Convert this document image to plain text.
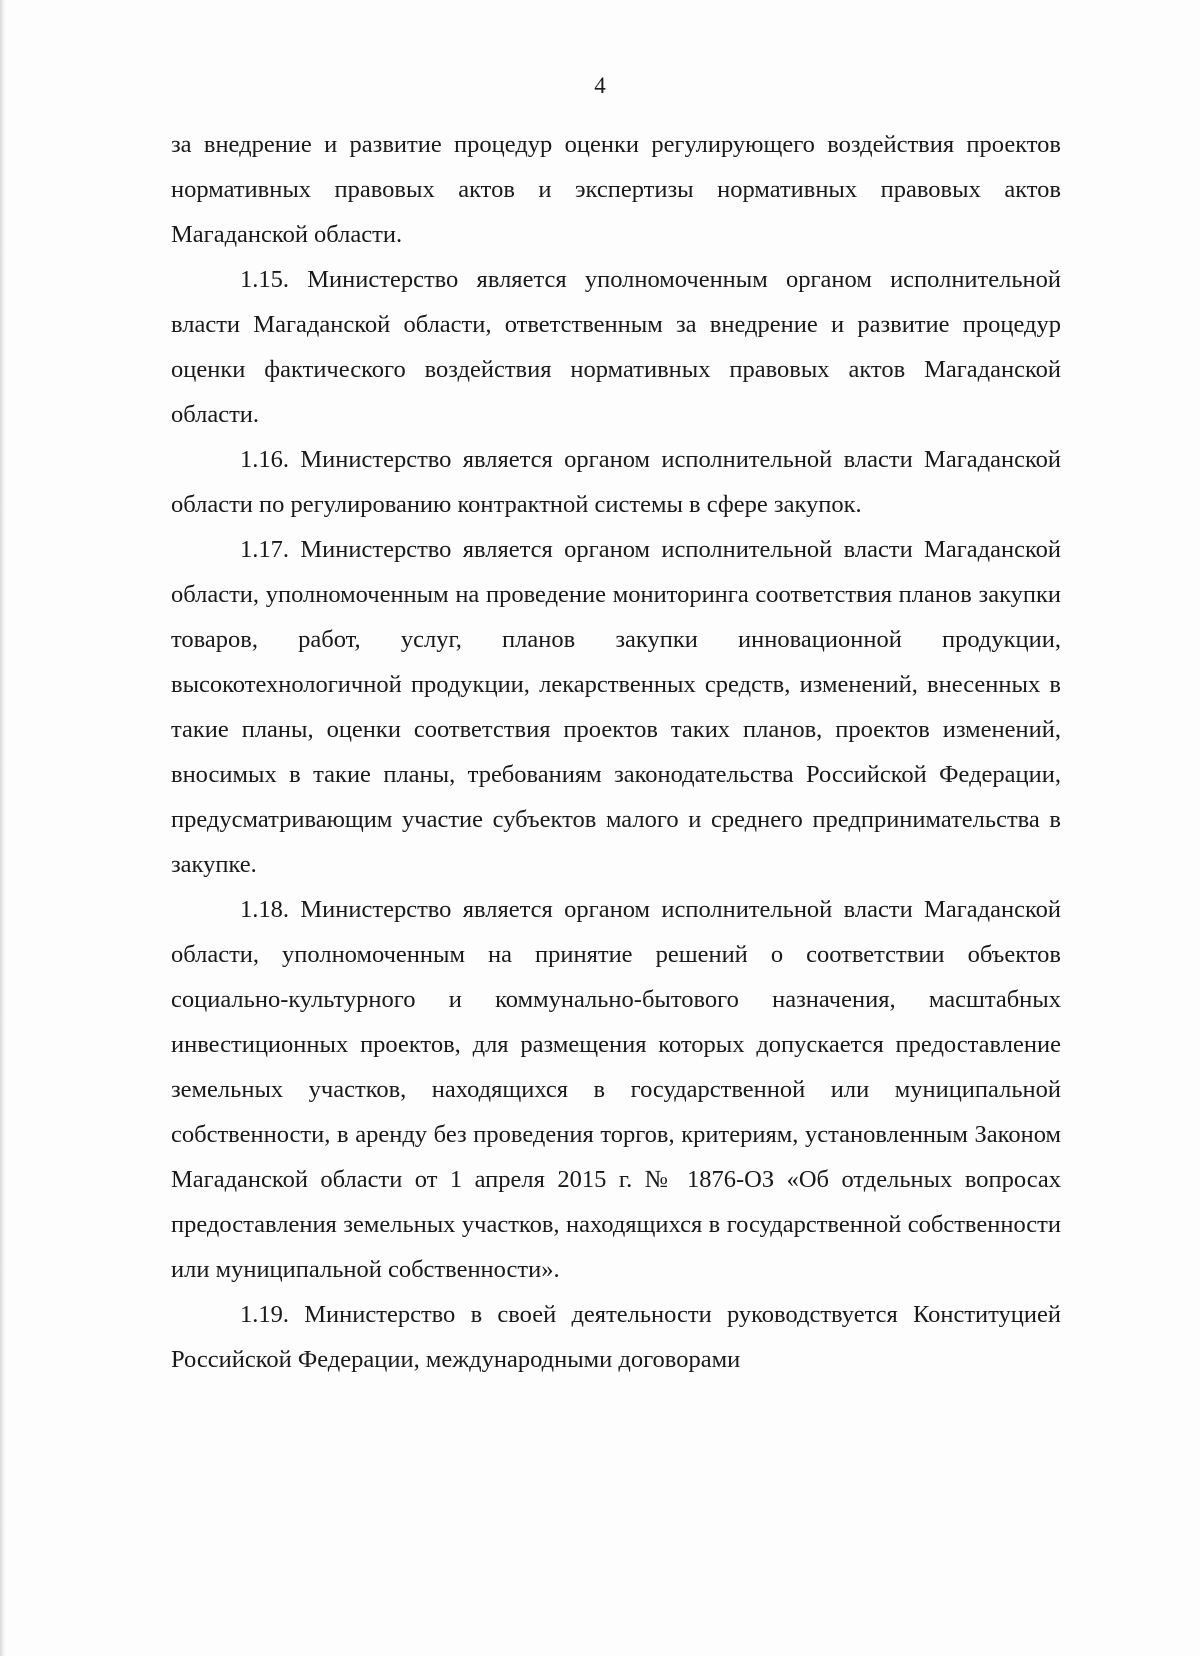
4

за внедрение и развитие процедур оценки регулирующего воздействия проектов нормативных правовых актов и экспертизы нормативных правовых актов Магаданской области.

1.15. Министерство является уполномоченным органом исполнительной власти Магаданской области, ответственным за внедрение и развитие процедур оценки фактического воздействия нормативных правовых актов Магаданской области.

1.16. Министерство является органом исполнительной власти Магаданской области по регулированию контрактной системы в сфере закупок.

1.17. Министерство является органом исполнительной власти Магаданской области, уполномоченным на проведение мониторинга соответствия планов закупки товаров, работ, услуг, планов закупки инновационной продукции, высокотехнологичной продукции, лекарственных средств, изменений, внесенных в такие планы, оценки соответствия проектов таких планов, проектов изменений, вносимых в такие планы, требованиям законодательства Российской Федерации, предусматривающим участие субъектов малого и среднего предпринимательства в закупке.

1.18. Министерство является органом исполнительной власти Магаданской области, уполномоченным на принятие решений о соответствии объектов социально-культурного и коммунально-бытового назначения, масштабных инвестиционных проектов, для размещения которых допускается предоставление земельных участков, находящихся в государственной или муниципальной собственности, в аренду без проведения торгов, критериям, установленным Законом Магаданской области от 1 апреля 2015 г. № 1876-ОЗ «Об отдельных вопросах предоставления земельных участков, находящихся в государственной собственности или муниципальной собственности».

1.19. Министерство в своей деятельности руководствуется Конституцией Российской Федерации, международными договорами
